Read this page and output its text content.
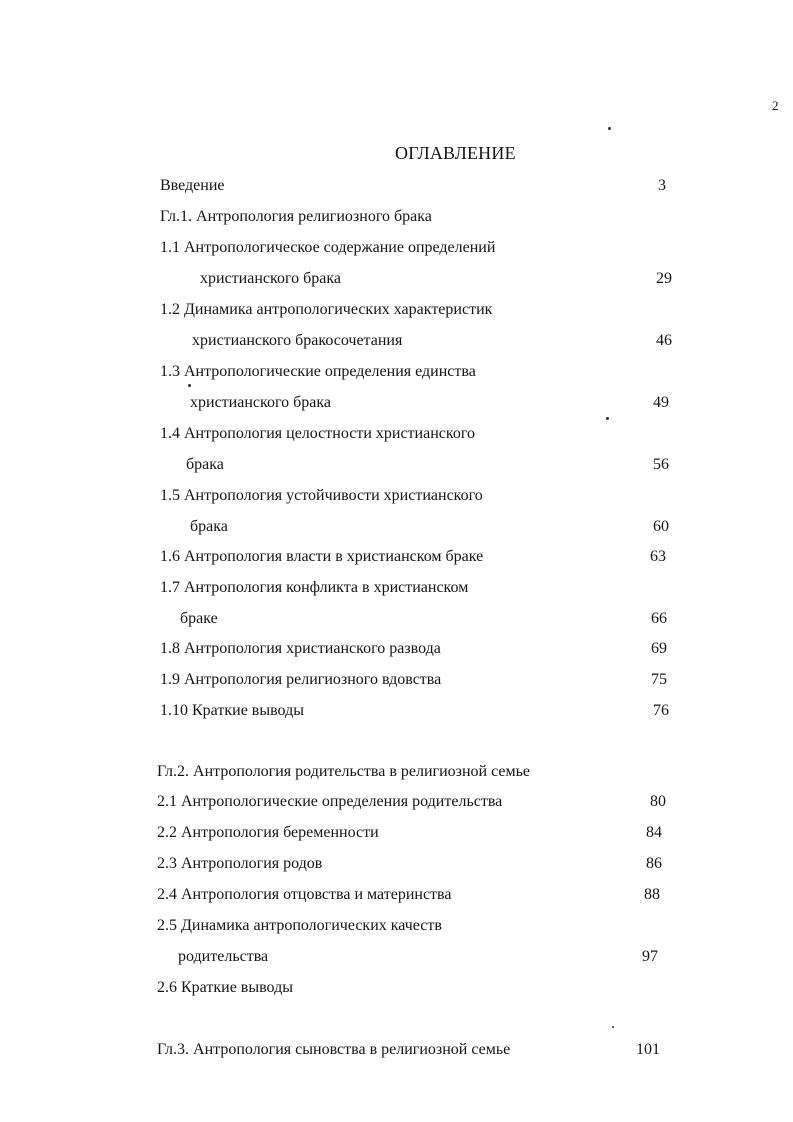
2
ОГЛАВЛЕНИЕ
Введение	3
Гл.1. Антропология религиозного брака
1.1 Антропологическое содержание определений
христианского брака	29
1.2 Динамика антропологических характеристик
христианского бракосочетания	46
1.3 Антропологические определения единства
христианского брака	49
1.4 Антропология целостности христианского
брака	56
1.5 Антропология устойчивости христианского
брака	60
1.6 Антропология власти в христианском браке	63
1.7 Антропология конфликта в христианском
браке	66
1.8 Антропология христианского развода	69
1.9 Антропология религиозного вдовства	75
1.10 Краткие выводы	76
Гл.2. Антропология родительства в религиозной семье
2.1 Антропологические определения родительства	80
2.2 Антропология беременности	84
2.3 Антропология родов	86
2.4 Антропология отцовства и материнства	88
2.5 Динамика антропологических качеств
родительства	97
2.6 Краткие выводы
Гл.3. Антропология сыновства в религиозной семье	101
